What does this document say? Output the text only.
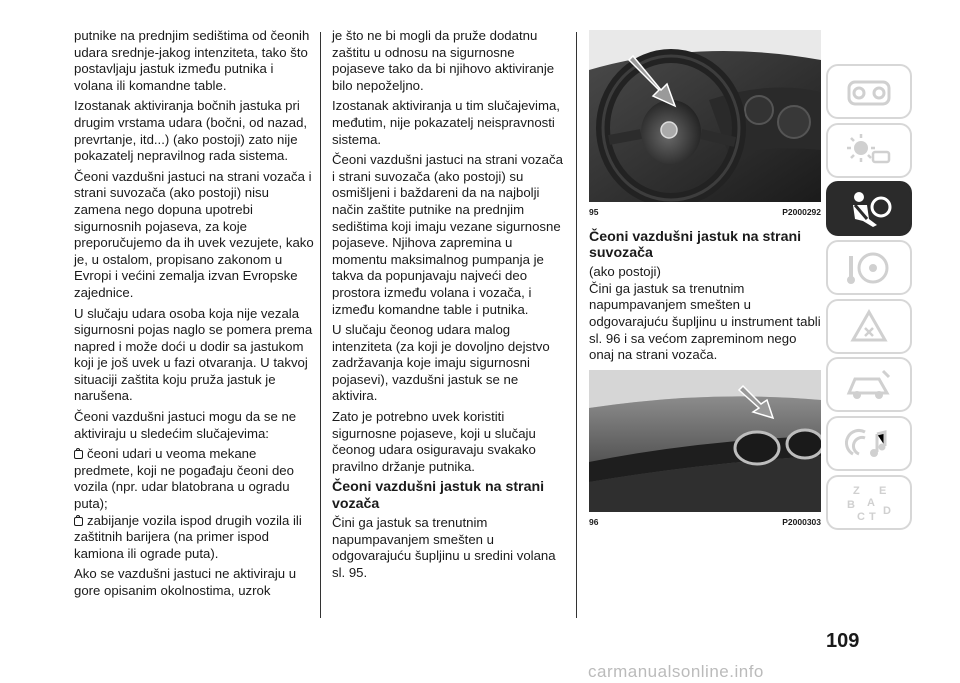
putnike na prednjim sedištima od čeonih udara srednje-jakog intenziteta, tako što postavljaju jastuk između putnika i volana ili komandne table.

Izostanak aktiviranja bočnih jastuka pri drugim vrstama udara (bočni, od nazad, prevrtanje, itd...) (ako postoji) zato nije pokazatelj nepravilnog rada sistema.

Čeoni vazdušni jastuci na strani vozača i strani suvozača (ako postoji) nisu zamena nego dopuna upotrebi sigurnosnih pojaseva, za koje preporučujemo da ih uvek vezujete, kako je, u ostalom, propisano zakonom u Evropi i većini zemalja izvan Evropske zajednice.

U slučaju udara osoba koja nije vezala sigurnosni pojas naglo se pomera prema napred i može doći u dodir sa jastukom koji je još uvek u fazi otvaranja. U takvoj situaciji zaštita koju pruža jastuk je narušena.

Čeoni vazdušni jastuci mogu da se ne aktiviraju u sledećim slučajevima:

čeoni udari u veoma mekane predmete, koji ne pogađaju čeoni deo vozila (npr. udar blatobrana u ogradu puta);

zabijanje vozila ispod drugih vozila ili zaštitnih barijera (na primer ispod kamiona ili ograde puta).

Ako se vazdušni jastuci ne aktiviraju u gore opisanim okolnostima, uzrok

je što ne bi mogli da pruže dodatnu zaštitu u odnosu na sigurnosne pojaseve tako da bi njihovo aktiviranje bilo nepoželjno.

Izostanak aktiviranja u tim slučajevima, međutim, nije pokazatelj neispravnosti sistema.

Čeoni vazdušni jastuci na strani vozača i strani suvozača (ako postoji) su osmišljeni i baždareni da na najbolji način zaštite putnike na prednjim sedištima koji imaju vezane sigurnosne pojaseve. Njihova zapremina u momentu maksimalnog pumpanja je takva da popunjavaju najveći deo prostora između volana i vozača, i između komandne table i putnika.

U slučaju čeonog udara malog intenziteta (za koji je dovoljno dejstvo zadržavanja koje imaju sigurnosni pojasevi), vazdušni jastuk se ne aktivira.

Zato je potrebno uvek koristiti sigurnosne pojaseve, koji u slučaju čeonog udara osiguravaju svakako pravilno držanje putnika.

Čeoni vazdušni jastuk na strani vozača

Čini ga jastuk sa trenutnim napumpavanjem smešten u odgovarajuću šupljinu u sredini volana sl. 95.

95	P2000292
Čeoni vazdušni jastuk na strani suvozača

(ako postoji)

Čini ga jastuk sa trenutnim napumpavanjem smešten u odgovarajuću šupljinu u instrument tabli sl. 96 i sa većom zapreminom nego onaj na strani vozača.

96	P2000303
Z E
B A
C T D
109
carmanualsonline.info
